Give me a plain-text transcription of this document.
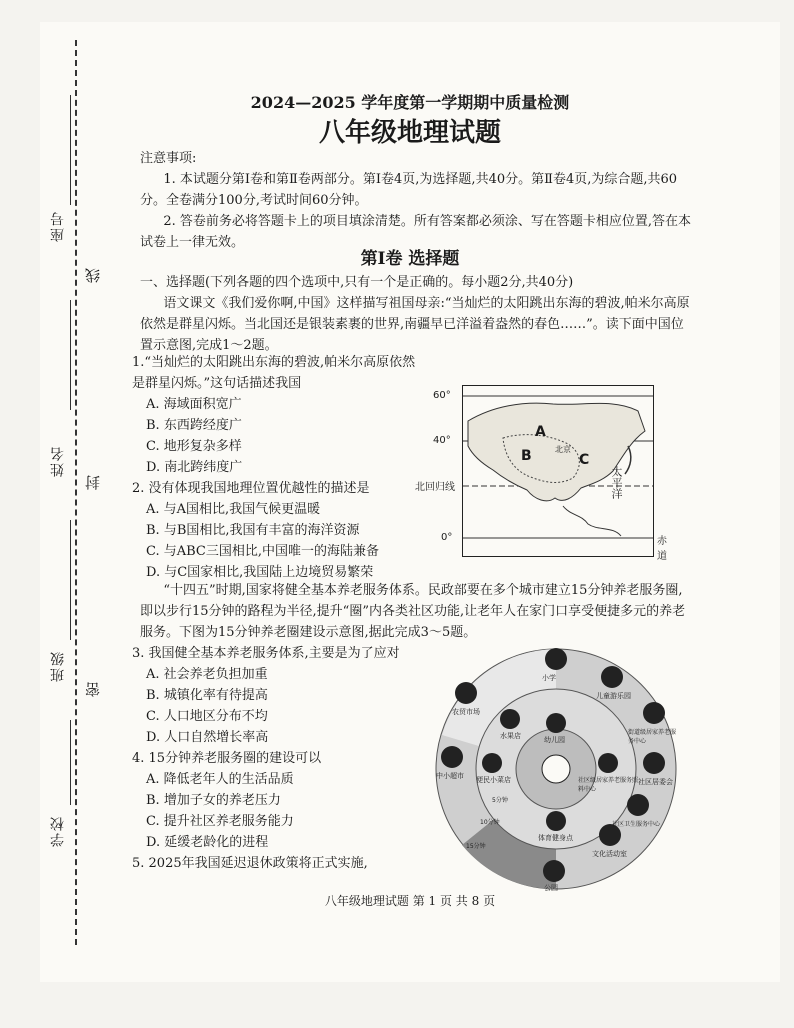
座号
姓名
班级
学校
线
封
密
2024—2025 学年度第一学期期中质量检测
八年级地理试题

注意事项:

1. 本试题分第Ⅰ卷和第Ⅱ卷两部分。第Ⅰ卷4页,为选择题,共40分。第Ⅱ卷4页,为综合题,共60分。全卷满分100分,考试时间60分钟。

2. 答卷前务必将答题卡上的项目填涂清楚。所有答案都必须涂、写在答题卡相应位置,答在本试卷上一律无效。

第Ⅰ卷 选择题

一、选择题(下列各题的四个选项中,只有一个是正确的。每小题2分,共40分)

语文课文《我们爱你啊,中国》这样描写祖国母亲:“当灿烂的太阳跳出东海的碧波,帕米尔高原依然是群星闪烁。当北国还是银装素裹的世界,南疆早已洋溢着盎然的春色……”。读下面中国位置示意图,完成1～2题。

1.“当灿烂的太阳跳出东海的碧波,帕米尔高原依然是群星闪烁。”这句话描述我国

A. 海域面积宽广

B. 东西跨经度广

C. 地形复杂多样

D. 南北跨纬度广

2. 没有体现我国地理位置优越性的描述是

A. 与A国相比,我国气候更温暖

B. 与B国相比,我国有丰富的海洋资源

C. 与ABC三国相比,中国唯一的海陆兼备

D. 与C国家相比,我国陆上边境贸易繁荣

60°
40°
0°
北回归线
赤道
A
B	C
北京
太平洋

“十四五”时期,国家将健全基本养老服务体系。民政部要在多个城市建立15分钟养老服务圈,即以步行15分钟的路程为半径,提升“圈”内各类社区功能,让老年人在家门口享受便捷多元的养老服务。下图为15分钟养老圈建设示意图,据此完成3～5题。

3. 我国健全基本养老服务体系,主要是为了应对

A. 社会养老负担加重

B. 城镇化率有待提高

C. 人口地区分布不均

D. 人口自然增长率高

4. 15分钟养老服务圈的建设可以

A. 降低老年人的生活品质

B. 增加子女的养老压力

C. 提升社区养老服务能力

D. 延缓老龄化的进程

5. 2025年我国延迟退休政策将正式实施,

小学
儿童游乐园
街道级居家养老服务中心
农贸市场
社区居委会
水果店	幼儿园
中小超市 便民小菜店	社区级居家养老服务照料中心
社区卫生服务中心
体育健身点
文化活动室
公园
5分钟
10分钟
15分钟
八年级地理试题 第 1 页 共 8 页
